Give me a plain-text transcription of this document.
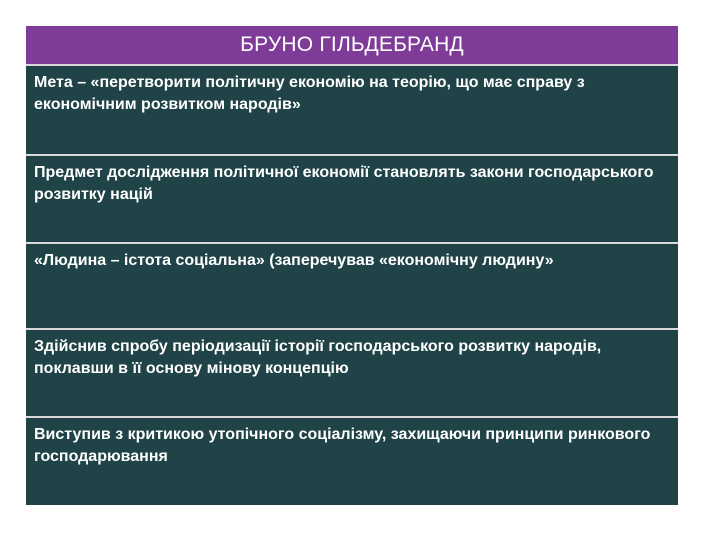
БРУНО ГІЛЬДЕБРАНД

Мета – «перетворити політичну економію на теорію, що має справу з економічним розвитком народів»

Предмет дослідження політичної економії становлять закони господарського розвитку націй

«Людина – істота соціальна» (заперечував «економічну людину»

Здійснив спробу періодизації історії господарського розвитку народів, поклавши в її основу мінову концепцію

Виступив з критикою утопічного соціалізму, захищаючи принципи ринкового господарювання
